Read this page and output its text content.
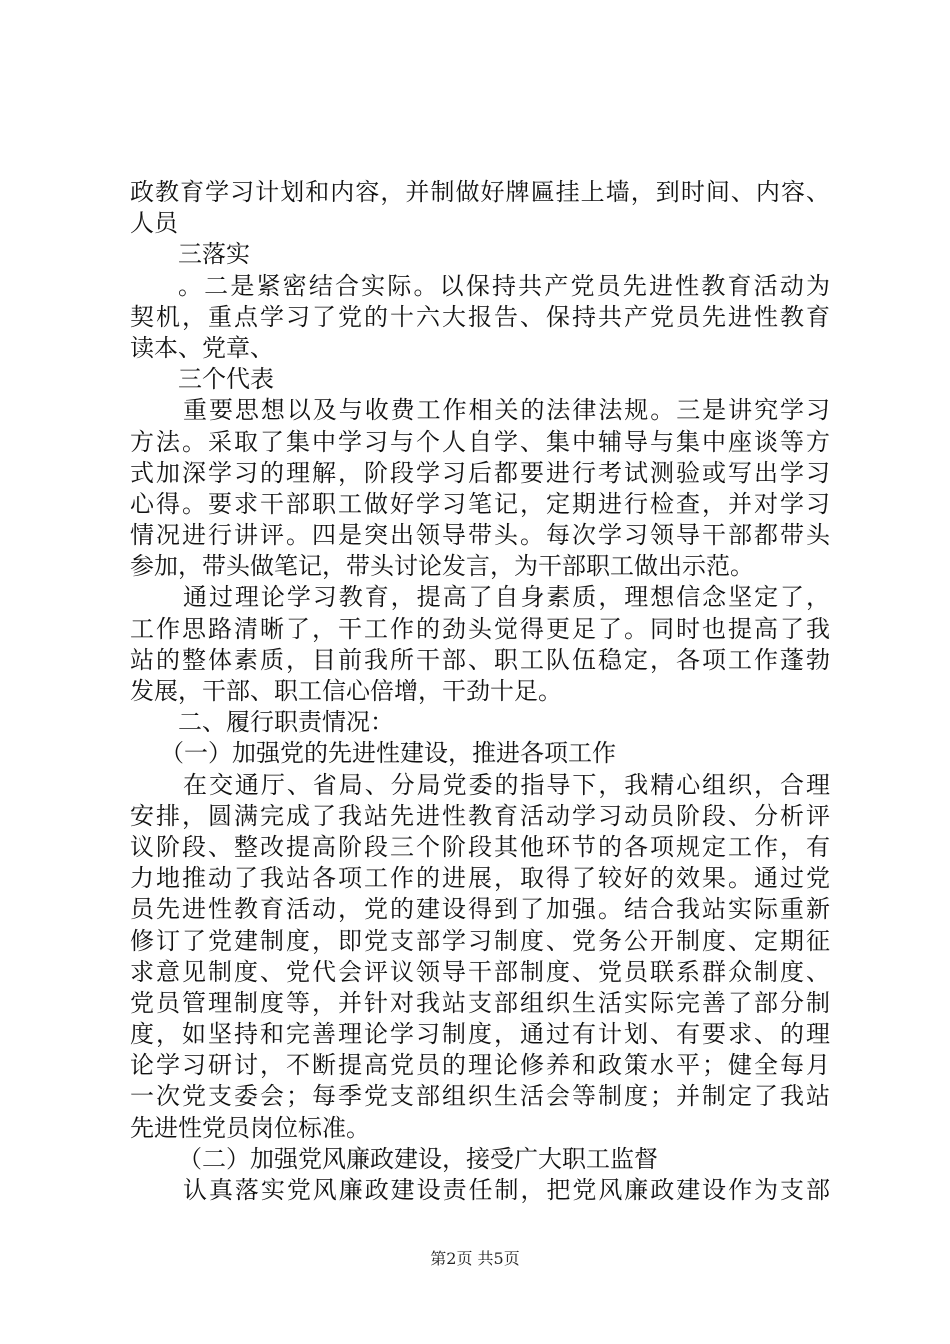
政教育学习计划和内容，并制做好牌匾挂上墙，到时间、内容、
人员
三落实
。二是紧密结合实际。以保持共产党员先进性教育活动为
契机，重点学习了党的十六大报告、保持共产党员先进性教育
读本、党章、
三个代表
重要思想以及与收费工作相关的法律法规。三是讲究学习
方法。采取了集中学习与个人自学、集中辅导与集中座谈等方
式加深学习的理解，阶段学习后都要进行考试测验或写出学习
心得。要求干部职工做好学习笔记，定期进行检查，并对学习
情况进行讲评。四是突出领导带头。每次学习领导干部都带头
参加，带头做笔记，带头讨论发言，为干部职工做出示范。
通过理论学习教育，提高了自身素质，理想信念坚定了，
工作思路清晰了，干工作的劲头觉得更足了。同时也提高了我
站的整体素质，目前我所干部、职工队伍稳定，各项工作蓬勃
发展，干部、职工信心倍增，干劲十足。
二、履行职责情况：
（一）加强党的先进性建设，推进各项工作
在交通厅、省局、分局党委的指导下，我精心组织，合理
安排，圆满完成了我站先进性教育活动学习动员阶段、分析评
议阶段、整改提高阶段三个阶段其他环节的各项规定工作，有
力地推动了我站各项工作的进展，取得了较好的效果。通过党
员先进性教育活动，党的建设得到了加强。结合我站实际重新
修订了党建制度，即党支部学习制度、党务公开制度、定期征
求意见制度、党代会评议领导干部制度、党员联系群众制度、
党员管理制度等，并针对我站支部组织生活实际完善了部分制
度，如坚持和完善理论学习制度，通过有计划、有要求、的理
论学习研讨，不断提高党员的理论修养和政策水平；健全每月
一次党支委会；每季党支部组织生活会等制度；并制定了我站
先进性党员岗位标准。
（二）加强党风廉政建设，接受广大职工监督
认真落实党风廉政建设责任制，把党风廉政建设作为支部
第2页 共5页
